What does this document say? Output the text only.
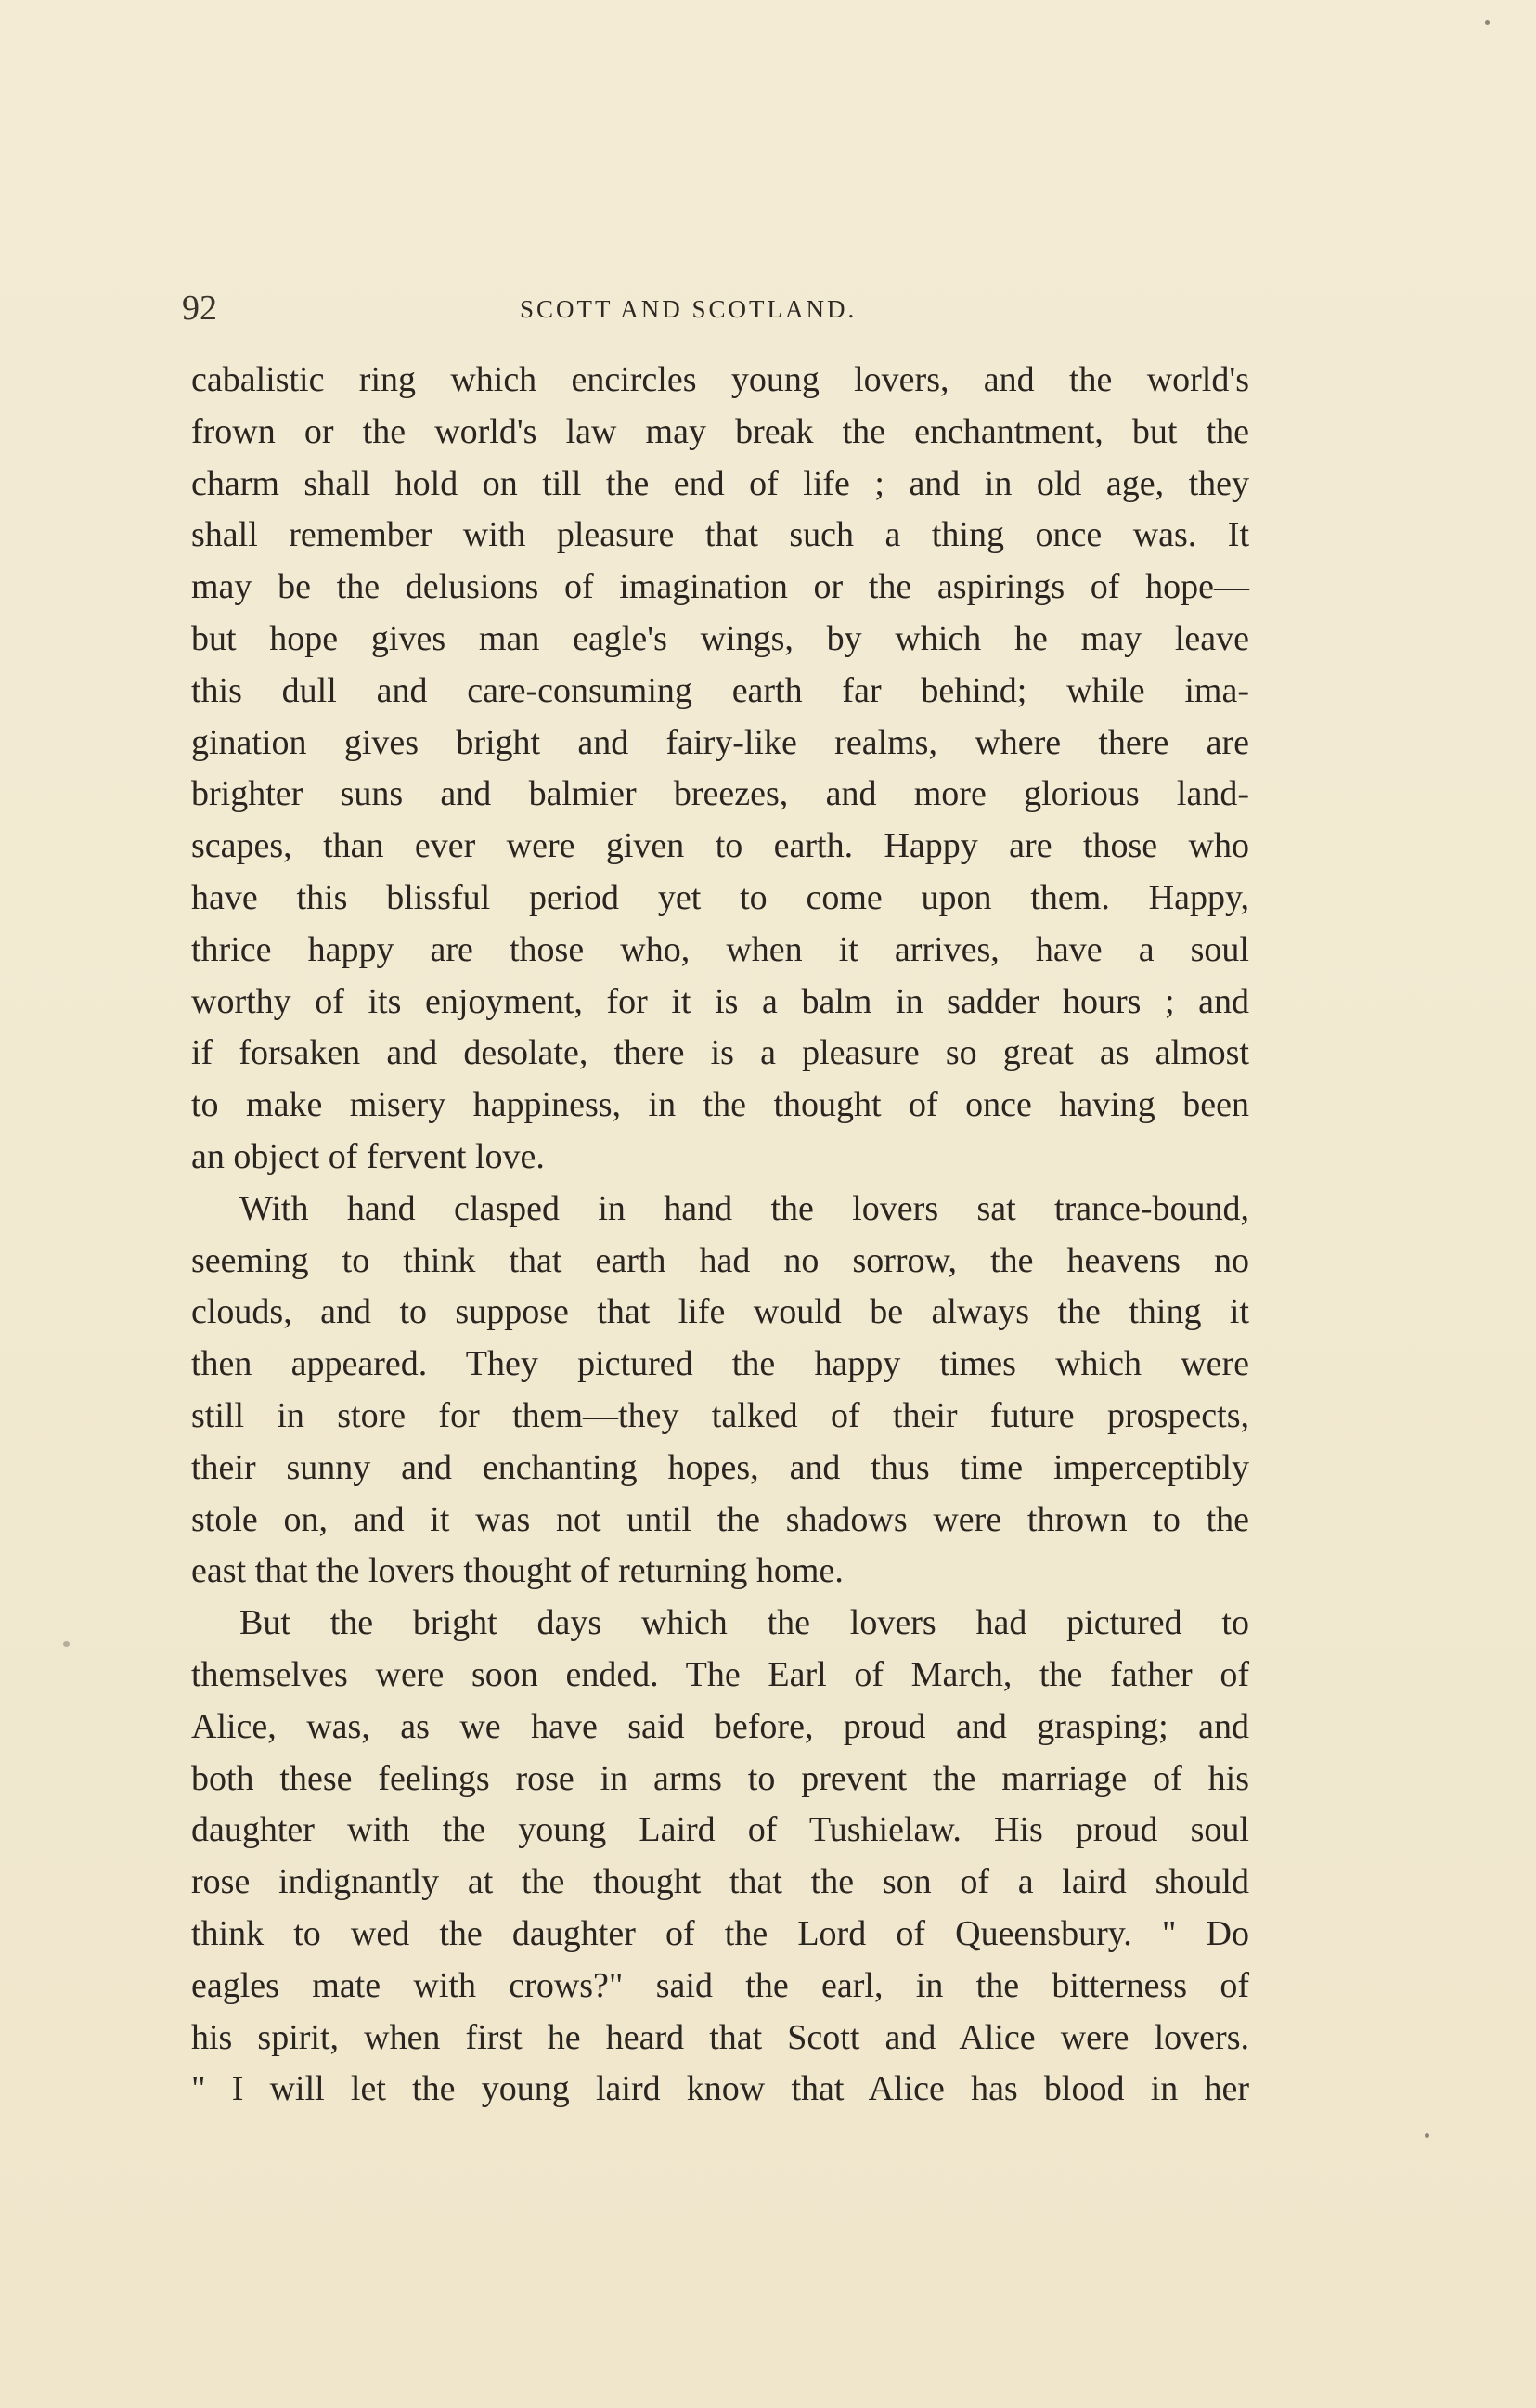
92	SCOTT AND SCOTLAND.
cabalistic ring which encircles young lovers, and the world's
frown or the world's law may break the enchantment, but the
charm shall hold on till the end of life ; and in old age, they
shall remember with pleasure that such a thing once was. It
may be the delusions of imagination or the aspirings of hope—
but hope gives man eagle's wings, by which he may leave
this dull and care-consuming earth far behind; while ima-
gination gives bright and fairy-like realms, where there are
brighter suns and balmier breezes, and more glorious land-
scapes, than ever were given to earth. Happy are those who
have this blissful period yet to come upon them. Happy,
thrice happy are those who, when it arrives, have a soul
worthy of its enjoyment, for it is a balm in sadder hours ; and
if forsaken and desolate, there is a pleasure so great as almost
to make misery happiness, in the thought of once having been
an object of fervent love.
With hand clasped in hand the lovers sat trance-bound,
seeming to think that earth had no sorrow, the heavens no
clouds, and to suppose that life would be always the thing it
then appeared. They pictured the happy times which were
still in store for them—they talked of their future prospects,
their sunny and enchanting hopes, and thus time imperceptibly
stole on, and it was not until the shadows were thrown to the
east that the lovers thought of returning home.
But the bright days which the lovers had pictured to
themselves were soon ended. The Earl of March, the father of
Alice, was, as we have said before, proud and grasping; and
both these feelings rose in arms to prevent the marriage of his
daughter with the young Laird of Tushielaw. His proud soul
rose indignantly at the thought that the son of a laird should
think to wed the daughter of the Lord of Queensbury. " Do
eagles mate with crows?" said the earl, in the bitterness of
his spirit, when first he heard that Scott and Alice were lovers.
" I will let the young laird know that Alice has blood in her
